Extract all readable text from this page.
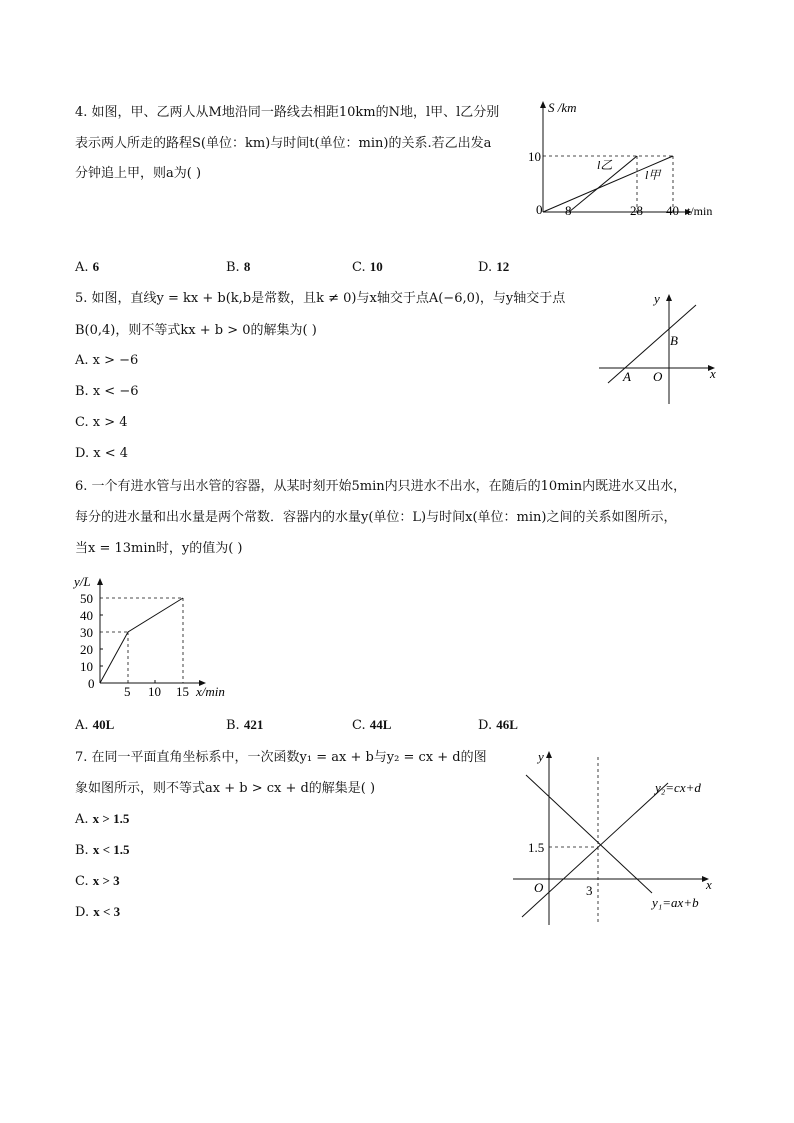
4. 如图，甲、乙两人从M地沿同一路线去相距10km的N地，l甲、l乙分别
表示两人所走的路程S(单位：km)与时间t(单位：min)的关系.若乙出发a
分钟追上甲，则a为( )
S /km
10
0 8	28 40 t/min
l乙
l甲
A. 6	B. 8	C. 10	D. 12
5. 如图，直线y = kx + b(k,b是常数，且k ≠ 0)与x轴交于点A(−6,0)，与y轴交于点
B(0,4)，则不等式kx + b > 0的解集为( )
A. x > −6
B. x < −6
C. x > 4
D. x < 4
y
x
B
A O
6. 一个有进水管与出水管的容器，从某时刻开始5min内只进水不出水，在随后的10min内既进水又出水，
每分的进水量和出水量是两个常数．容器内的水量y(单位：L)与时间x(单位：min)之间的关系如图所示，
当x = 13min时，y的值为( )
y/L
50
40
30
20
10
0
5 10 15 x/min
A. 40L	B. 421	C. 44L	D. 46L
7. 在同一平面直角坐标系中，一次函数y₁ = ax + b与y₂ = cx + d的图
象如图所示，则不等式ax + b > cx + d的解集是( )
A. x > 1.5
B. x < 1.5
C. x > 3
D. x < 3
y
x
O	3
1.5
y₂=cx+d
y₁=ax+b
